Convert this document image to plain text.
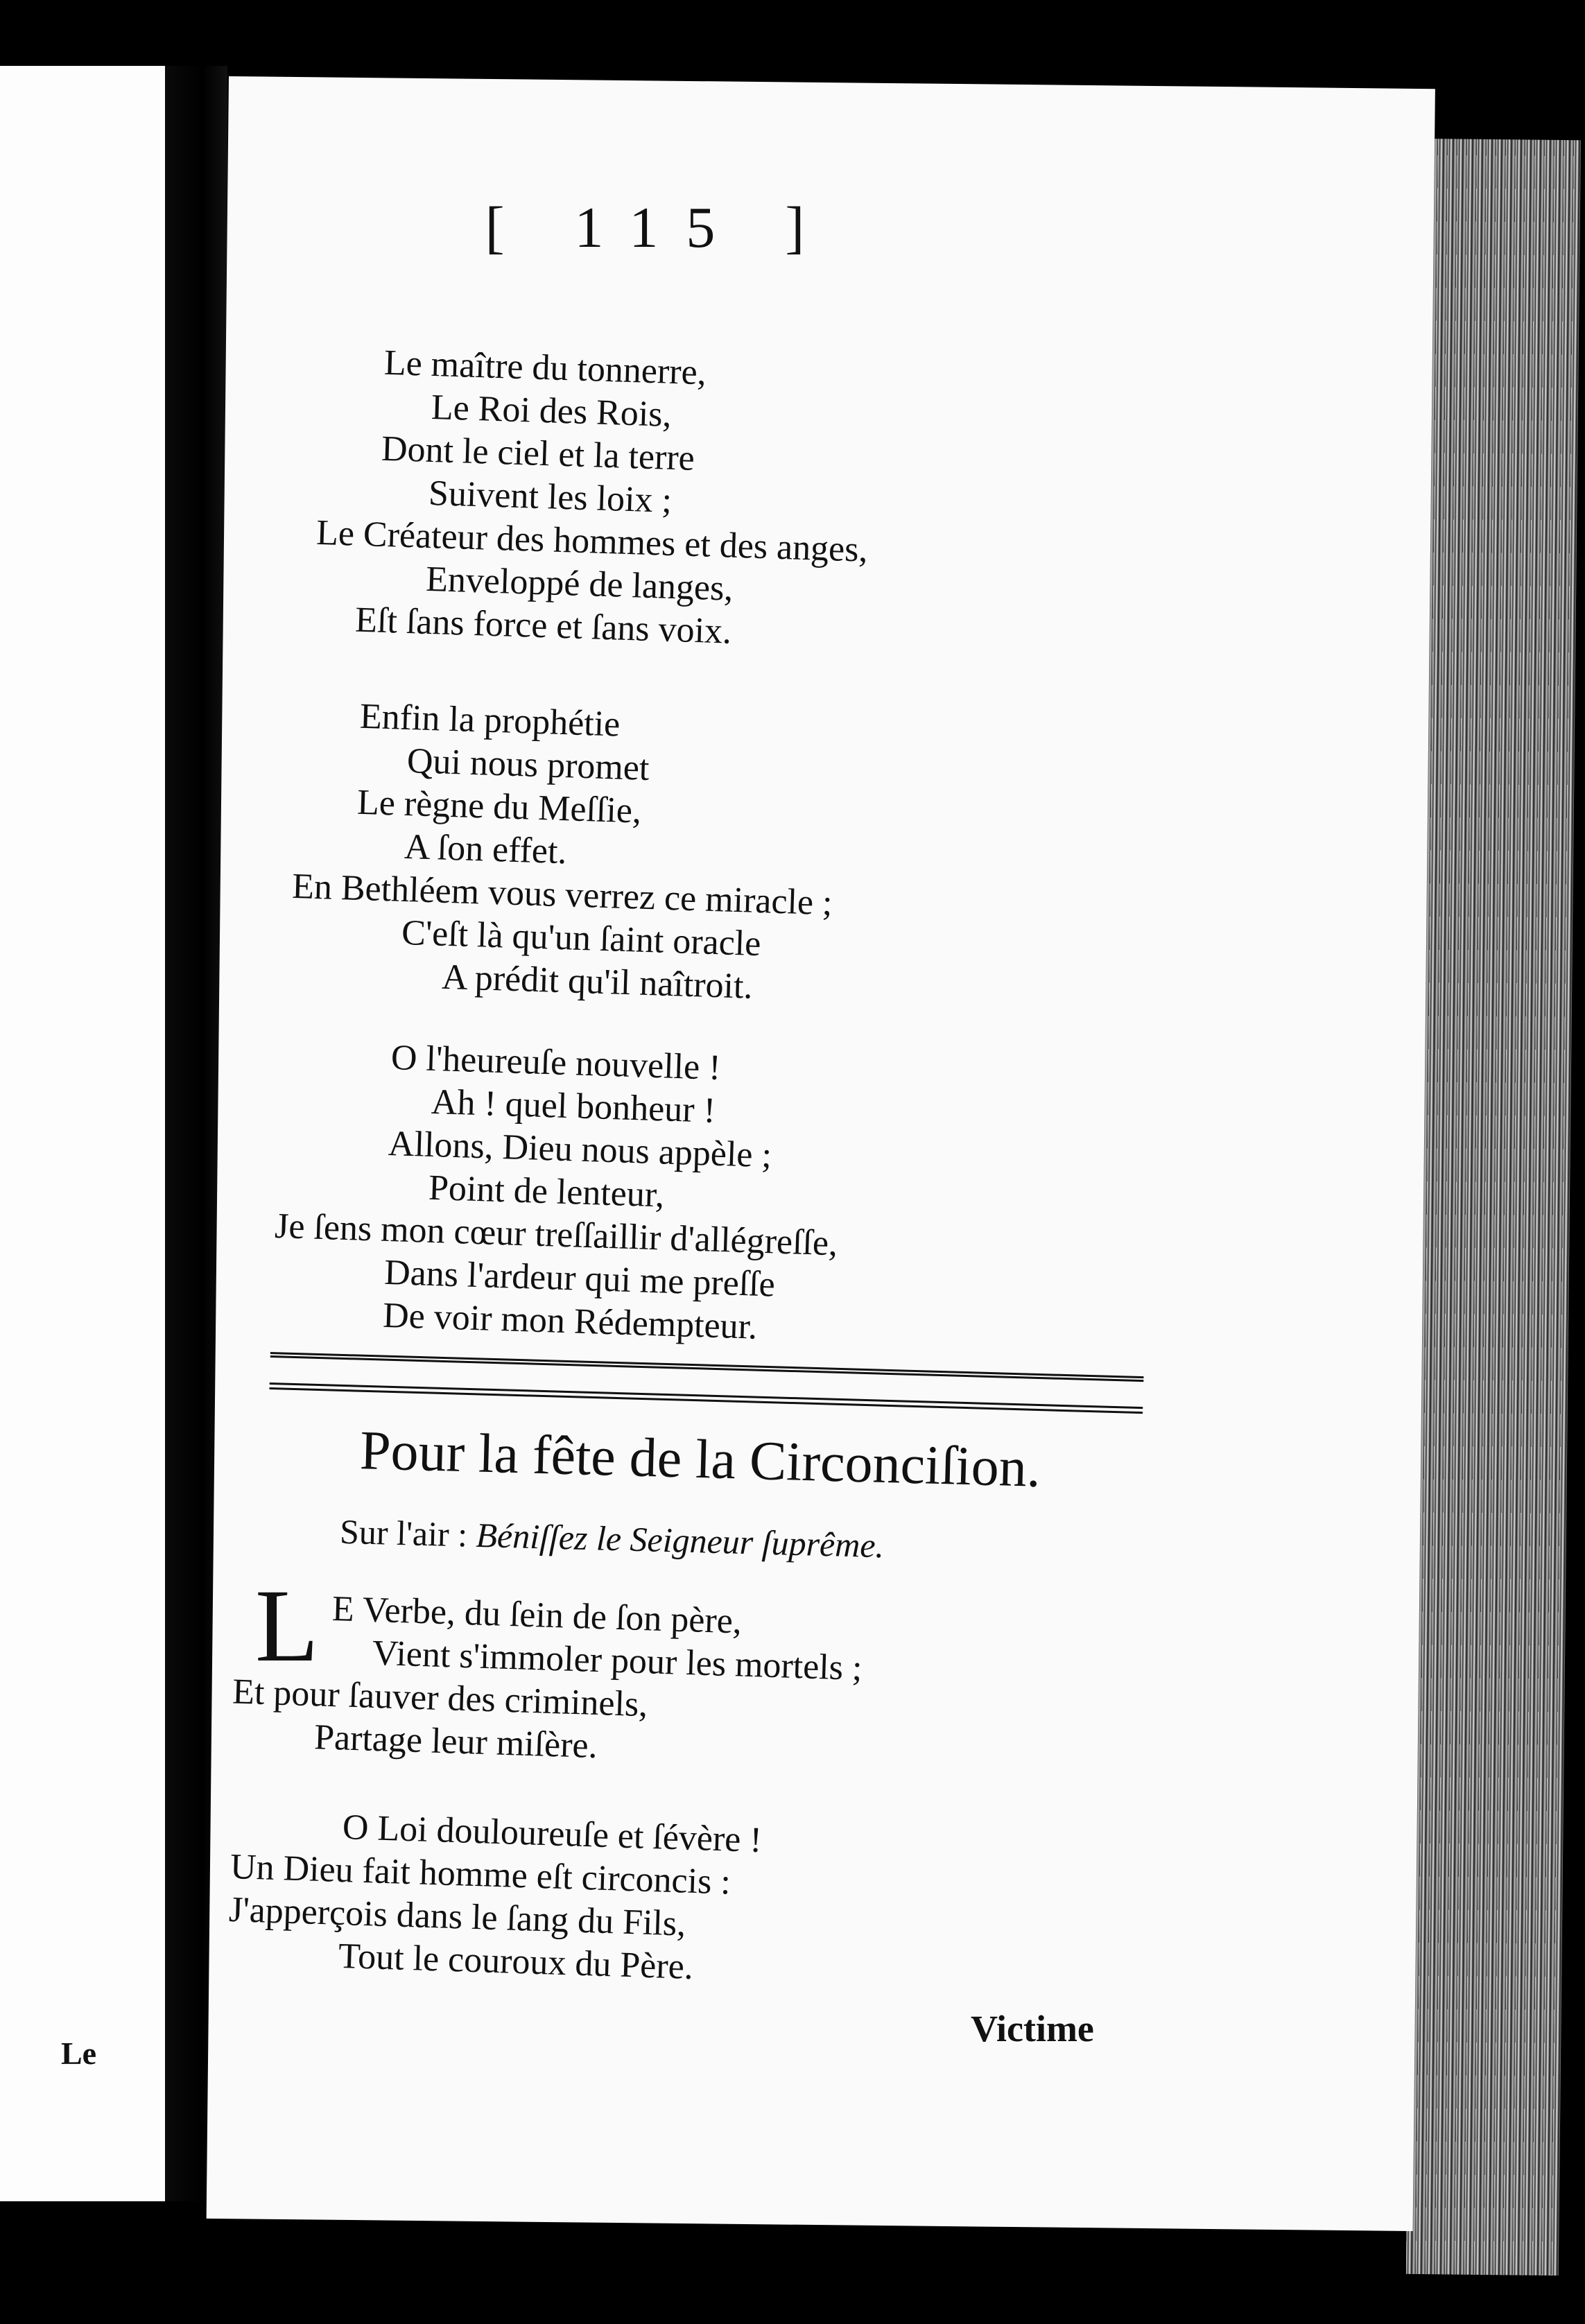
Le
[ 115 ]
Le maître du tonnerre,
Le Roi des Rois,
Dont le ciel et la terre
Suivent les loix ;
Le Créateur des hommes et des anges,
Enveloppé de langes,
Eſt ſans force et ſans voix.
Enfin la prophétie
Qui nous promet
Le règne du Meſſie,
A ſon effet.
En Bethléem vous verrez ce miracle ;
C'eſt là qu'un ſaint oracle
A prédit qu'il naîtroit.
O l'heureuſe nouvelle !
Ah ! quel bonheur !
Allons, Dieu nous appèle ;
Point de lenteur,
Je ſens mon cœur treſſaillir d'allégreſſe,
Dans l'ardeur qui me preſſe
De voir mon Rédempteur.
Pour la fête de la Circonciſion.
Sur l'air : Béniſſez le Seigneur ſuprême.
L E Verbe, du ſein de ſon père,
Vient s'immoler pour les mortels ;
Et pour ſauver des criminels,
Partage leur miſère.
O Loi douloureuſe et ſévère !
Un Dieu fait homme eſt circoncis :
J'apperçois dans le ſang du Fils,
Tout le couroux du Père.
Victime
